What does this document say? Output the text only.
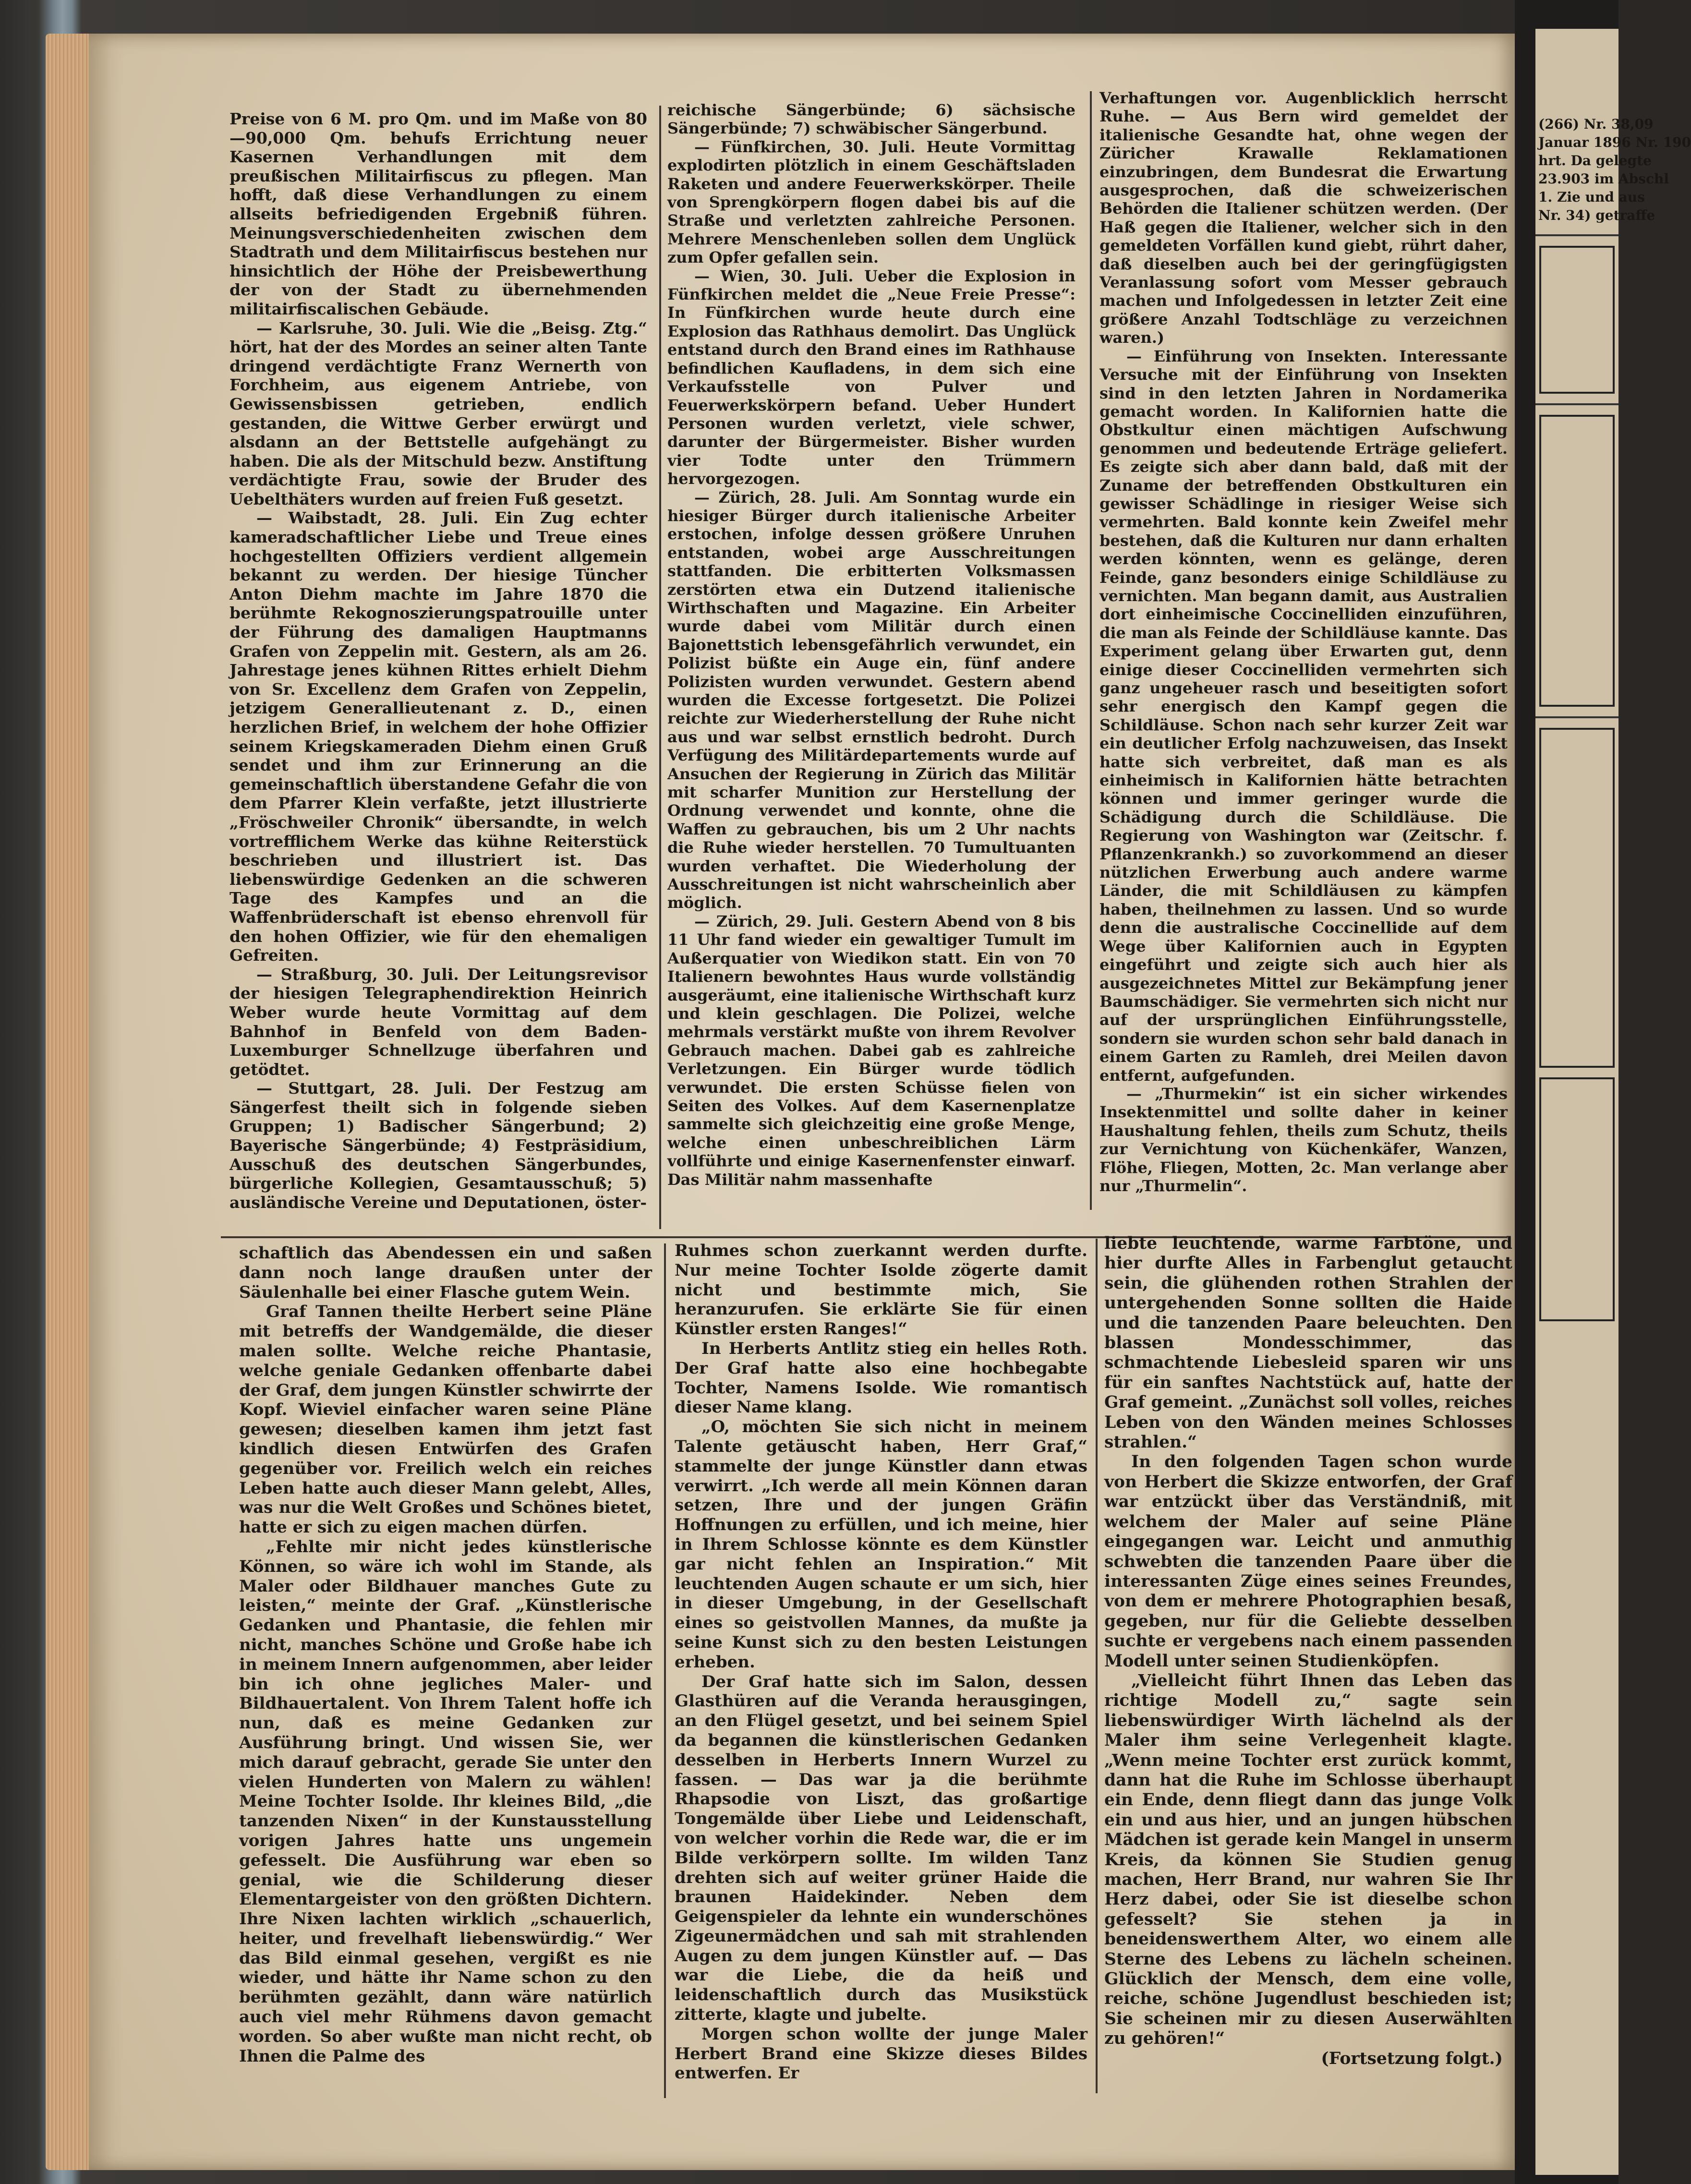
(266) Nr. 38,09
Januar 1896 Nr. 190
hrt. Da gelegte
23.903 im Abschl
1. Zie und aus
Nr. 34) getraffe

Preise von 6 M. pro Qm. und im Maße von 80—90,000 Qm. behufs Errichtung neuer Kasernen Verhandlungen mit dem preußischen Militairfiscus zu pflegen. Man hofft, daß diese Verhandlungen zu einem allseits befriedigenden Ergebniß führen. Meinungsverschiedenheiten zwischen dem Stadtrath und dem Militairfiscus bestehen nur hinsichtlich der Höhe der Preisbewerthung der von der Stadt zu übernehmenden militairfiscalischen Gebäude.

— Karlsruhe, 30. Juli. Wie die „Beisg. Ztg.“ hört, hat der des Mordes an seiner alten Tante dringend verdächtigte Franz Wernerth von Forchheim, aus eigenem Antriebe, von Gewissensbissen getrieben, endlich gestanden, die Wittwe Gerber erwürgt und alsdann an der Bettstelle aufgehängt zu haben. Die als der Mitschuld bezw. Anstiftung verdächtigte Frau, sowie der Bruder des Uebelthäters wurden auf freien Fuß gesetzt.

— Waibstadt, 28. Juli. Ein Zug echter kameradschaftlicher Liebe und Treue eines hochgestellten Offiziers verdient allgemein bekannt zu werden. Der hiesige Tüncher Anton Diehm machte im Jahre 1870 die berühmte Rekognoszierungspatrouille unter der Führung des damaligen Hauptmanns Grafen von Zeppelin mit. Gestern, als am 26. Jahrestage jenes kühnen Rittes erhielt Diehm von Sr. Excellenz dem Grafen von Zeppelin, jetzigem Generallieutenant z. D., einen herzlichen Brief, in welchem der hohe Offizier seinem Kriegskameraden Diehm einen Gruß sendet und ihm zur Erinnerung an die gemeinschaftlich überstandene Gefahr die von dem Pfarrer Klein verfaßte, jetzt illustrierte „Fröschweiler Chronik“ übersandte, in welch vortrefflichem Werke das kühne Reiterstück beschrieben und illustriert ist. Das liebenswürdige Gedenken an die schweren Tage des Kampfes und an die Waffenbrüderschaft ist ebenso ehrenvoll für den hohen Offizier, wie für den ehemaligen Gefreiten.

— Straßburg, 30. Juli. Der Leitungsrevisor der hiesigen Telegraphendirektion Heinrich Weber wurde heute Vormittag auf dem Bahnhof in Benfeld von dem Baden-Luxemburger Schnellzuge überfahren und getödtet.

— Stuttgart, 28. Juli. Der Festzug am Sängerfest theilt sich in folgende sieben Gruppen; 1) Badischer Sängerbund; 2) Bayerische Sängerbünde; 4) Festpräsidium, Ausschuß des deutschen Sängerbundes, bürgerliche Kollegien, Gesamtausschuß; 5) ausländische Vereine und Deputationen, öster-

reichische Sängerbünde; 6) sächsische Sängerbünde; 7) schwäbischer Sängerbund.

— Fünfkirchen, 30. Juli. Heute Vormittag explodirten plötzlich in einem Geschäftsladen Raketen und andere Feuerwerkskörper. Theile von Sprengkörpern flogen dabei bis auf die Straße und verletzten zahlreiche Personen. Mehrere Menschenleben sollen dem Unglück zum Opfer gefallen sein.

— Wien, 30. Juli. Ueber die Explosion in Fünfkirchen meldet die „Neue Freie Presse“: In Fünfkirchen wurde heute durch eine Explosion das Rathhaus demolirt. Das Unglück entstand durch den Brand eines im Rathhause befindlichen Kaufladens, in dem sich eine Verkaufsstelle von Pulver und Feuerwerkskörpern befand. Ueber Hundert Personen wurden verletzt, viele schwer, darunter der Bürgermeister. Bisher wurden vier Todte unter den Trümmern hervorgezogen.

— Zürich, 28. Juli. Am Sonntag wurde ein hiesiger Bürger durch italienische Arbeiter erstochen, infolge dessen größere Unruhen entstanden, wobei arge Ausschreitungen stattfanden. Die erbitterten Volksmassen zerstörten etwa ein Dutzend italienische Wirthschaften und Magazine. Ein Arbeiter wurde dabei vom Militär durch einen Bajonettstich lebensgefährlich verwundet, ein Polizist büßte ein Auge ein, fünf andere Polizisten wurden verwundet. Gestern abend wurden die Excesse fortgesetzt. Die Polizei reichte zur Wiederherstellung der Ruhe nicht aus und war selbst ernstlich bedroht. Durch Verfügung des Militärdepartements wurde auf Ansuchen der Regierung in Zürich das Militär mit scharfer Munition zur Herstellung der Ordnung verwendet und konnte, ohne die Waffen zu gebrauchen, bis um 2 Uhr nachts die Ruhe wieder herstellen. 70 Tumultuanten wurden verhaftet. Die Wiederholung der Ausschreitungen ist nicht wahrscheinlich aber möglich.

— Zürich, 29. Juli. Gestern Abend von 8 bis 11 Uhr fand wieder ein gewaltiger Tumult im Außerquatier von Wiedikon statt. Ein von 70 Italienern bewohntes Haus wurde vollständig ausgeräumt, eine italienische Wirthschaft kurz und klein geschlagen. Die Polizei, welche mehrmals verstärkt mußte von ihrem Revolver Gebrauch machen. Dabei gab es zahlreiche Verletzungen. Ein Bürger wurde tödlich verwundet. Die ersten Schüsse fielen von Seiten des Volkes. Auf dem Kasernenplatze sammelte sich gleichzeitig eine große Menge, welche einen unbeschreiblichen Lärm vollführte und einige Kasernenfenster einwarf. Das Militär nahm massenhafte

Verhaftungen vor. Augenblicklich herrscht Ruhe. — Aus Bern wird gemeldet der italienische Gesandte hat, ohne wegen der Züricher Krawalle Reklamationen einzubringen, dem Bundesrat die Erwartung ausgesprochen, daß die schweizerischen Behörden die Italiener schützen werden. (Der Haß gegen die Italiener, welcher sich in den gemeldeten Vorfällen kund giebt, rührt daher, daß dieselben auch bei der geringfügigsten Veranlassung sofort vom Messer gebrauch machen und Infolgedessen in letzter Zeit eine größere Anzahl Todtschläge zu verzeichnen waren.)

— Einführung von Insekten. Interessante Versuche mit der Einführung von Insekten sind in den letzten Jahren in Nordamerika gemacht worden. In Kalifornien hatte die Obstkultur einen mächtigen Aufschwung genommen und bedeutende Erträge geliefert. Es zeigte sich aber dann bald, daß mit der Zuname der betreffenden Obstkulturen ein gewisser Schädlinge in riesiger Weise sich vermehrten. Bald konnte kein Zweifel mehr bestehen, daß die Kulturen nur dann erhalten werden könnten, wenn es gelänge, deren Feinde, ganz besonders einige Schildläuse zu vernichten. Man begann damit, aus Australien dort einheimische Coccinelliden einzuführen, die man als Feinde der Schildläuse kannte. Das Experiment gelang über Erwarten gut, denn einige dieser Coccinelliden vermehrten sich ganz ungeheuer rasch und beseitigten sofort sehr energisch den Kampf gegen die Schildläuse. Schon nach sehr kurzer Zeit war ein deutlicher Erfolg nachzuweisen, das Insekt hatte sich verbreitet, daß man es als einheimisch in Kalifornien hätte betrachten können und immer geringer wurde die Schädigung durch die Schildläuse. Die Regierung von Washington war (Zeitschr. f. Pflanzenkrankh.) so zuvorkommend an dieser nützlichen Erwerbung auch andere warme Länder, die mit Schildläusen zu kämpfen haben, theilnehmen zu lassen. Und so wurde denn die australische Coccinellide auf dem Wege über Kalifornien auch in Egypten eingeführt und zeigte sich auch hier als ausgezeichnetes Mittel zur Bekämpfung jener Baumschädiger. Sie vermehrten sich nicht nur auf der ursprünglichen Einführungsstelle, sondern sie wurden schon sehr bald danach in einem Garten zu Ramleh, drei Meilen davon entfernt, aufgefunden.

— „Thurmekin“ ist ein sicher wirkendes Insektenmittel und sollte daher in keiner Haushaltung fehlen, theils zum Schutz, theils zur Vernichtung von Küchenkäfer, Wanzen, Flöhe, Fliegen, Motten, 2c. Man verlange aber nur „Thurmelin“.

schaftlich das Abendessen ein und saßen dann noch lange draußen unter der Säulenhalle bei einer Flasche gutem Wein.

Graf Tannen theilte Herbert seine Pläne mit betreffs der Wandgemälde, die dieser malen sollte. Welche reiche Phantasie, welche geniale Gedanken offenbarte dabei der Graf, dem jungen Künstler schwirrte der Kopf. Wieviel einfacher waren seine Pläne gewesen; dieselben kamen ihm jetzt fast kindlich diesen Entwürfen des Grafen gegenüber vor. Freilich welch ein reiches Leben hatte auch dieser Mann gelebt, Alles, was nur die Welt Großes und Schönes bietet, hatte er sich zu eigen machen dürfen.

„Fehlte mir nicht jedes künstlerische Können, so wäre ich wohl im Stande, als Maler oder Bildhauer manches Gute zu leisten,“ meinte der Graf. „Künstlerische Gedanken und Phantasie, die fehlen mir nicht, manches Schöne und Große habe ich in meinem Innern aufgenommen, aber leider bin ich ohne jegliches Maler- und Bildhauertalent. Von Ihrem Talent hoffe ich nun, daß es meine Gedanken zur Ausführung bringt. Und wissen Sie, wer mich darauf gebracht, gerade Sie unter den vielen Hunderten von Malern zu wählen! Meine Tochter Isolde. Ihr kleines Bild, „die tanzenden Nixen“ in der Kunstausstellung vorigen Jahres hatte uns ungemein gefesselt. Die Ausführung war eben so genial, wie die Schilderung dieser Elementargeister von den größten Dichtern. Ihre Nixen lachten wirklich „schauerlich, heiter, und frevelhaft liebenswürdig.“ Wer das Bild einmal gesehen, vergißt es nie wieder, und hätte ihr Name schon zu den berühmten gezählt, dann wäre natürlich auch viel mehr Rühmens davon gemacht worden. So aber wußte man nicht recht, ob Ihnen die Palme des

Ruhmes schon zuerkannt werden durfte. Nur meine Tochter Isolde zögerte damit nicht und bestimmte mich, Sie heranzurufen. Sie erklärte Sie für einen Künstler ersten Ranges!“

In Herberts Antlitz stieg ein helles Roth. Der Graf hatte also eine hochbegabte Tochter, Namens Isolde. Wie romantisch dieser Name klang.

„O, möchten Sie sich nicht in meinem Talente getäuscht haben, Herr Graf,“ stammelte der junge Künstler dann etwas verwirrt. „Ich werde all mein Können daran setzen, Ihre und der jungen Gräfin Hoffnungen zu erfüllen, und ich meine, hier in Ihrem Schlosse könnte es dem Künstler gar nicht fehlen an Inspiration.“ Mit leuchtenden Augen schaute er um sich, hier in dieser Umgebung, in der Gesellschaft eines so geistvollen Mannes, da mußte ja seine Kunst sich zu den besten Leistungen erheben.

Der Graf hatte sich im Salon, dessen Glasthüren auf die Veranda herausgingen, an den Flügel gesetzt, und bei seinem Spiel da begannen die künstlerischen Gedanken desselben in Herberts Innern Wurzel zu fassen. — Das war ja die berühmte Rhapsodie von Liszt, das großartige Tongemälde über Liebe und Leidenschaft, von welcher vorhin die Rede war, die er im Bilde verkörpern sollte. Im wilden Tanz drehten sich auf weiter grüner Haide die braunen Haidekinder. Neben dem Geigenspieler da lehnte ein wunderschönes Zigeunermädchen und sah mit strahlenden Augen zu dem jungen Künstler auf. — Das war die Liebe, die da heiß und leidenschaftlich durch das Musikstück zitterte, klagte und jubelte.

Morgen schon wollte der junge Maler Herbert Brand eine Skizze dieses Bildes entwerfen. Er

liebte leuchtende, warme Farbtöne, und hier durfte Alles in Farbenglut getaucht sein, die glühenden rothen Strahlen der untergehenden Sonne sollten die Haide und die tanzenden Paare beleuchten. Den blassen Mondesschimmer, das schmachtende Liebesleid sparen wir uns für ein sanftes Nachtstück auf, hatte der Graf gemeint. „Zunächst soll volles, reiches Leben von den Wänden meines Schlosses strahlen.“

In den folgenden Tagen schon wurde von Herbert die Skizze entworfen, der Graf war entzückt über das Verständniß, mit welchem der Maler auf seine Pläne eingegangen war. Leicht und anmuthig schwebten die tanzenden Paare über die interessanten Züge eines seines Freundes, von dem er mehrere Photographien besaß, gegeben, nur für die Geliebte desselben suchte er vergebens nach einem passenden Modell unter seinen Studienköpfen.

„Vielleicht führt Ihnen das Leben das richtige Modell zu,“ sagte sein liebenswürdiger Wirth lächelnd als der Maler ihm seine Verlegenheit klagte. „Wenn meine Tochter erst zurück kommt, dann hat die Ruhe im Schlosse überhaupt ein Ende, denn fliegt dann das junge Volk ein und aus hier, und an jungen hübschen Mädchen ist gerade kein Mangel in unserm Kreis, da können Sie Studien genug machen, Herr Brand, nur wahren Sie Ihr Herz dabei, oder Sie ist dieselbe schon gefesselt? Sie stehen ja in beneidenswerthem Alter, wo einem alle Sterne des Lebens zu lächeln scheinen. Glücklich der Mensch, dem eine volle, reiche, schöne Jugendlust beschieden ist; Sie scheinen mir zu diesen Auserwählten zu gehören!“

(Fortsetzung folgt.)
